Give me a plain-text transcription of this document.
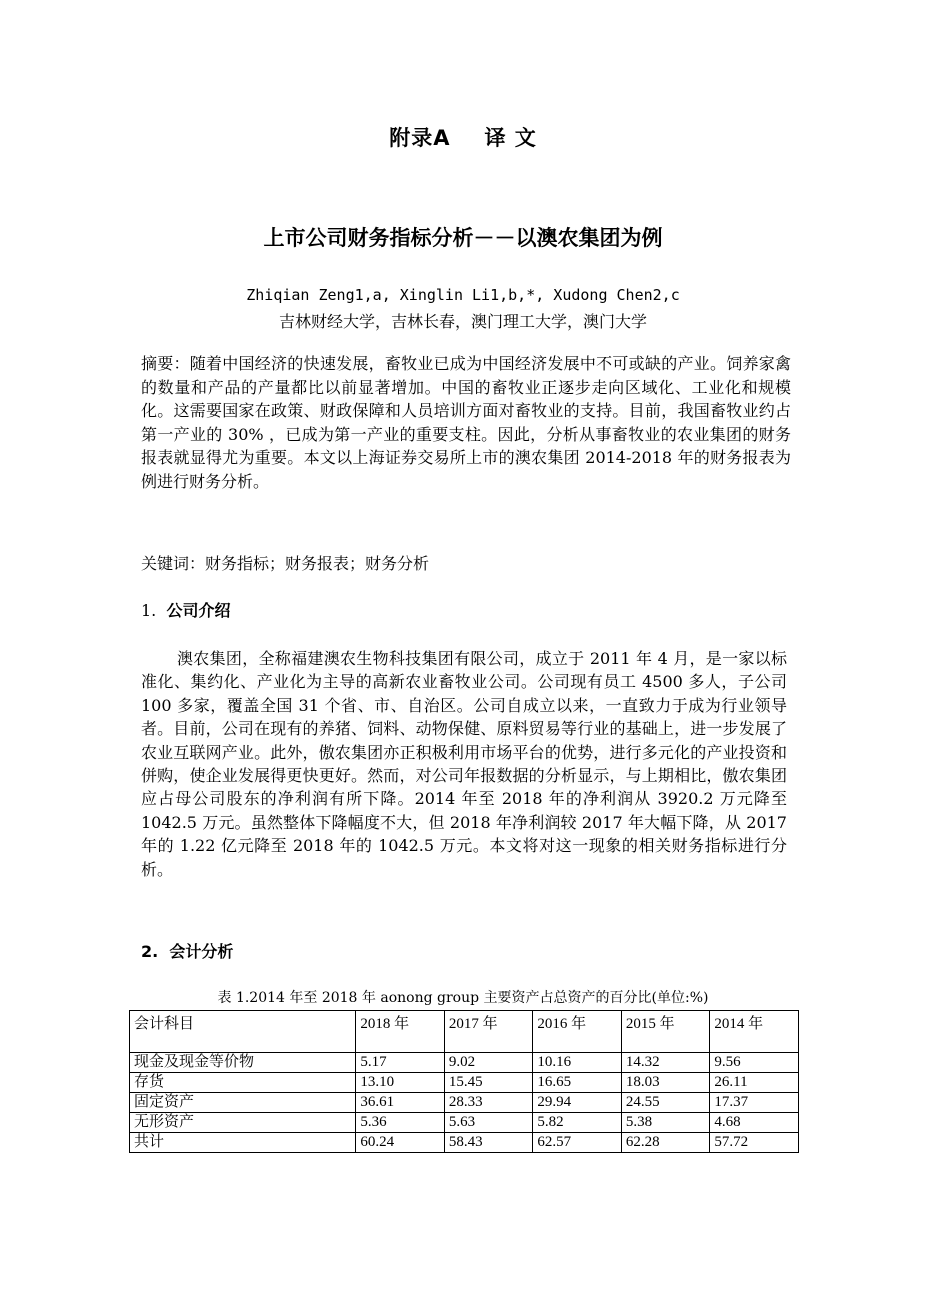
附录A 译 文
上市公司财务指标分析－－以澳农集团为例
Zhiqian Zeng1,a, Xinglin Li1,b,*, Xudong Chen2,c
吉林财经大学，吉林长春，澳门理工大学，澳门大学
摘要：随着中国经济的快速发展，畜牧业已成为中国经济发展中不可或缺的产业。饲养家禽的数量和产品的产量都比以前显著增加。中国的畜牧业正逐步走向区域化、工业化和规模化。这需要国家在政策、财政保障和人员培训方面对畜牧业的支持。目前，我国畜牧业约占第一产业的 30% ，已成为第一产业的重要支柱。因此，分析从事畜牧业的农业集团的财务报表就显得尤为重要。本文以上海证券交易所上市的澳农集团 2014-2018 年的财务报表为例进行财务分析。
关键词：财务指标；财务报表；财务分析
1. 公司介绍
澳农集团，全称福建澳农生物科技集团有限公司，成立于 2011 年 4 月，是一家以标准化、集约化、产业化为主导的高新农业畜牧业公司。公司现有员工 4500 多人，子公司 100 多家，覆盖全国 31 个省、市、自治区。公司自成立以来，一直致力于成为行业领导者。目前，公司在现有的养猪、饲料、动物保健、原料贸易等行业的基础上，进一步发展了农业互联网产业。此外，傲农集团亦正积极利用市场平台的优势，进行多元化的产业投资和併购，使企业发展得更快更好。然而，对公司年报数据的分析显示，与上期相比，傲农集团应占母公司股东的净利润有所下降。2014 年至 2018 年的净利润从 3920.2 万元降至 1042.5 万元。虽然整体下降幅度不大，但 2018 年净利润较 2017 年大幅下降，从 2017 年的 1.22 亿元降至 2018 年的 1042.5 万元。本文将对这一现象的相关财务指标进行分析。
2. 会计分析
表 1.2014 年至 2018 年 aonong group 主要资产占总资产的百分比(单位:%)
会计科目	2018 年	2017 年	2016 年	2015 年	2014 年
现金及现金等价物	5.17	9.02	10.16	14.32	9.56
存货	13.10	15.45	16.65	18.03	26.11
固定资产	36.61	28.33	29.94	24.55	17.37
无形资产	5.36	5.63	5.82	5.38	4.68
共计	60.24	58.43	62.57	62.28	57.72
